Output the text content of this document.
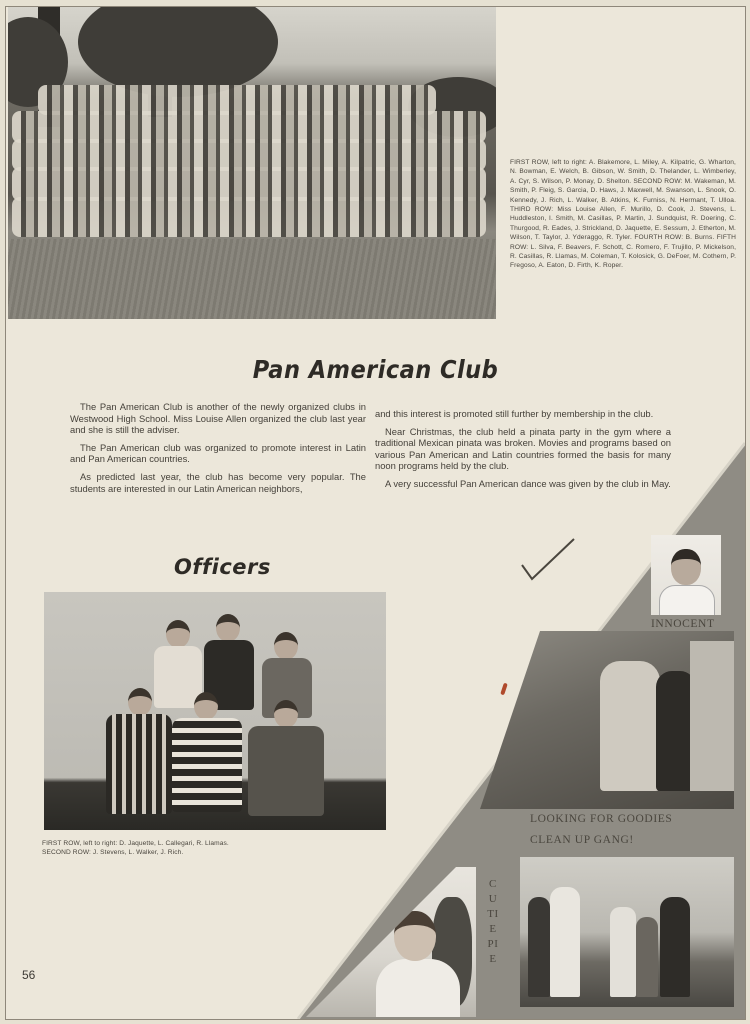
FIRST ROW, left to right: A. Blakemore, L. Miley, A. Kilpatric, G. Wharton, N. Bowman, E. Welch, B. Gibson, W. Smith, D. Thelander, L. Wimberley, A. Cyr, S. Wilson, P. Monay, D. Shelton. SECOND ROW: M. Wakeman, M. Smith, P. Fleig, S. Garcia, D. Haws, J. Maxwell, M. Swanson, L. Snook, O. Kennedy, J. Rich, L. Walker, B. Atkins, K. Furniss, N. Hermant, T. Ulloa. THIRD ROW: Miss Louise Allen, F. Murillo, D. Cook, J. Stevens, L. Huddleston, I. Smith, M. Casillas, P. Martin, J. Sundquist, R. Doering, C. Thurgood, R. Eades, J. Strickland, D. Jaquette, E. Sessum, J. Etherton, M. Wilson, T. Taylor, J. Yderaggo, R. Tyler. FOURTH ROW: B. Burns. FIFTH ROW: L. Silva, F. Beavers, F. Schott, C. Romero, F. Trujillo, P. Mickelson, R. Casillas, R. Llamas, M. Coleman, T. Kolosick, G. DeFoer, M. Cothern, P. Fregoso, A. Eaton, D. Firth, K. Roper.

Pan American Club

The Pan American Club is another of the newly organized clubs in Westwood High School. Miss Louise Allen organized the club last year and she is still the adviser.

The Pan American club was organized to promote interest in Latin and Pan American countries.

As predicted last year, the club has become very popular. The students are interested in our Latin American neighbors,

and this interest is promoted still further by membership in the club.

Near Christmas, the club held a pinata party in the gym where a traditional Mexican pinata was broken. Movies and programs based on various Pan American and Latin countries formed the basis for many noon programs held by the club.

A very successful Pan American dance was given by the club in May.

Officers

FIRST ROW, left to right: D. Jaquette, L. Callegari, R. Llamas. SECOND ROW: J. Stevens, L. Walker, J. Rich.

INNOCENT

LOOKING FOR GOODIES

CLEAN UP GANG!

CUTIE PIE

56
